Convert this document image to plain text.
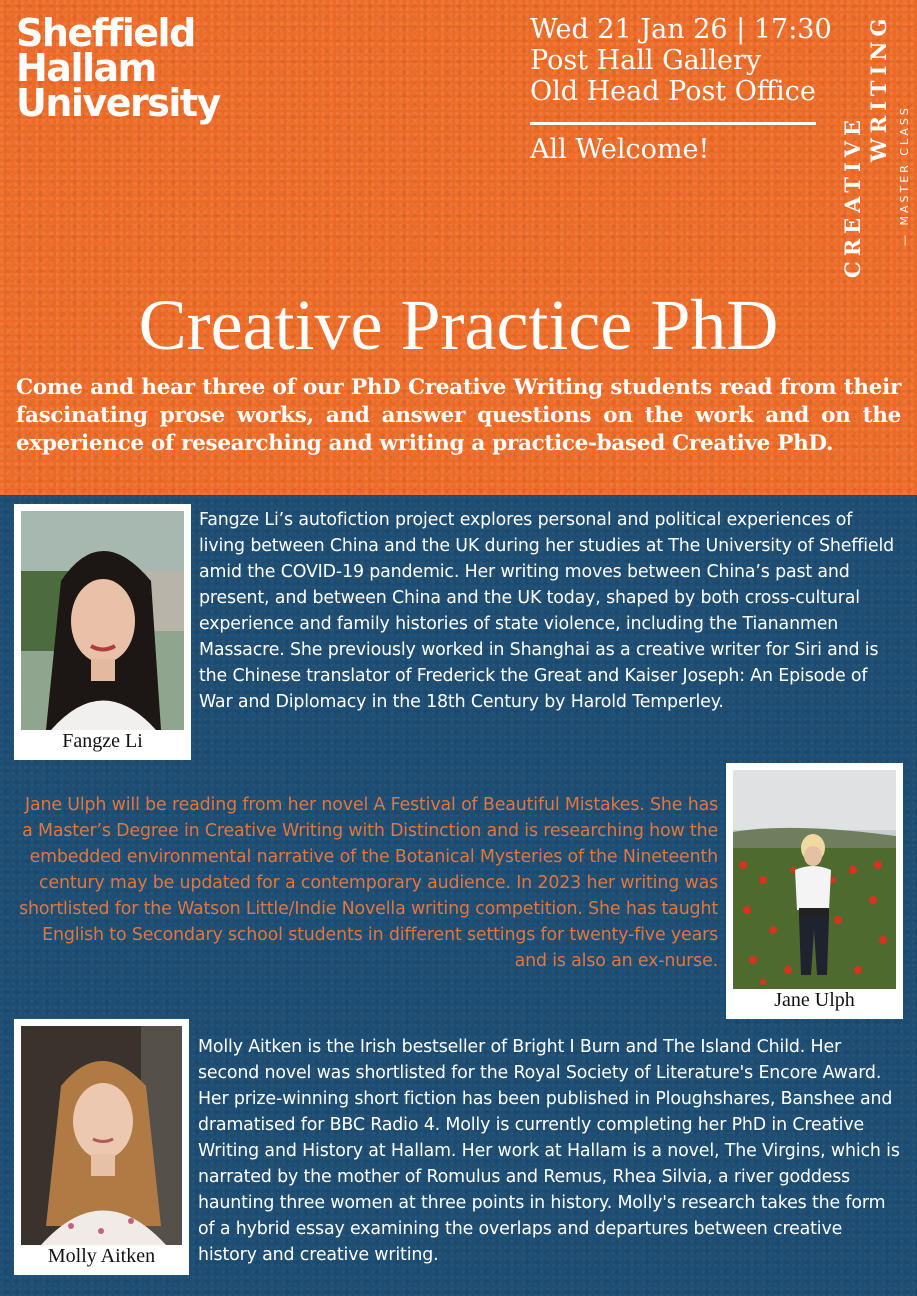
Sheffield
Hallam
University
Wed 21 Jan 26 | 17:30
Post Hall Gallery
Old Head Post Office
All Welcome!	CREATIVE
WRITING
— MASTER CLASS
Creative Practice PhD
Come and hear three of our PhD Creative Writing students read from their fascinating prose works, and answer questions on the work and on the experience of researching and writing a practice-based Creative PhD.
Fangze Li
Fangze Li’s autofiction project explores personal and political experiences of living between China and the UK during her studies at The University of Sheffield amid the COVID-19 pandemic. Her writing moves between China’s past and present, and between China and the UK today, shaped by both cross-cultural experience and family histories of state violence, including the Tiananmen Massacre. She previously worked in Shanghai as a creative writer for Siri and is the Chinese translator of Frederick the Great and Kaiser Joseph: An Episode of War and Diplomacy in the 18th Century by Harold Temperley.
Jane Ulph will be reading from her novel A Festival of Beautiful Mistakes. She has a Master’s Degree in Creative Writing with Distinction and is researching how the embedded environmental narrative of the Botanical Mysteries of the Nineteenth century may be updated for a contemporary audience. In 2023 her writing was shortlisted for the Watson Little/Indie Novella writing competition. She has taught English to Secondary school students in different settings for twenty-five years and is also an ex-nurse.
Jane Ulph
Molly Aitken
Molly Aitken is the Irish bestseller of Bright I Burn and The Island Child. Her second novel was shortlisted for the Royal Society of Literature's Encore Award. Her prize-winning short fiction has been published in Ploughshares, Banshee and dramatised for BBC Radio 4. Molly is currently completing her PhD in Creative Writing and History at Hallam. Her work at Hallam is a novel, The Virgins, which is narrated by the mother of Romulus and Remus, Rhea Silvia, a river goddess haunting three women at three points in history. Molly's research takes the form of a hybrid essay examining the overlaps and departures between creative history and creative writing.
